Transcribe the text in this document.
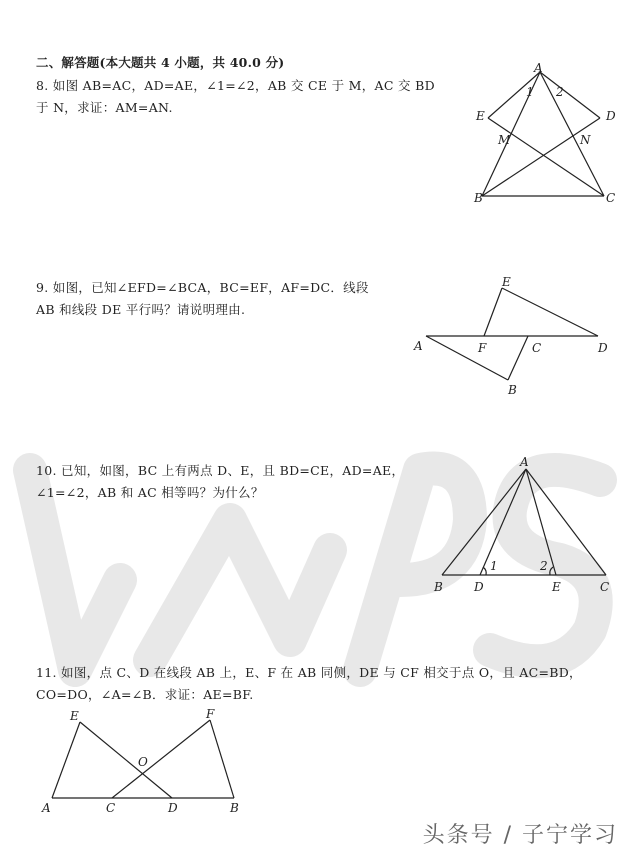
二、解答题(本大题共 4 小题，共 40.0 分)
8. 如图 AB=AC，AD=AE，∠1=∠2，AB 交 CE 于 M，AC 交 BD
于 N，求证：AM=AN.
A
1 2
E	D
M	N
B	C
9. 如图，已知∠EFD=∠BCA，BC=EF，AF=DC．线段
AB 和线段 DE 平行吗？请说明理由.
E
A	F	C	D
B
10. 已知，如图，BC 上有两点 D、E，且 BD=CE，AD=AE，
∠1=∠2，AB 和 AC 相等吗？为什么？
A
1	2
B	D	E	C
11. 如图，点 C、D 在线段 AB 上，E、F 在 AB 同侧，DE 与 CF 相交于点 O，且 AC=BD，
CO=DO，∠A=∠B．求证：AE=BF.
E	F
O
A	C	D	B
头条号 / 子宁学习
